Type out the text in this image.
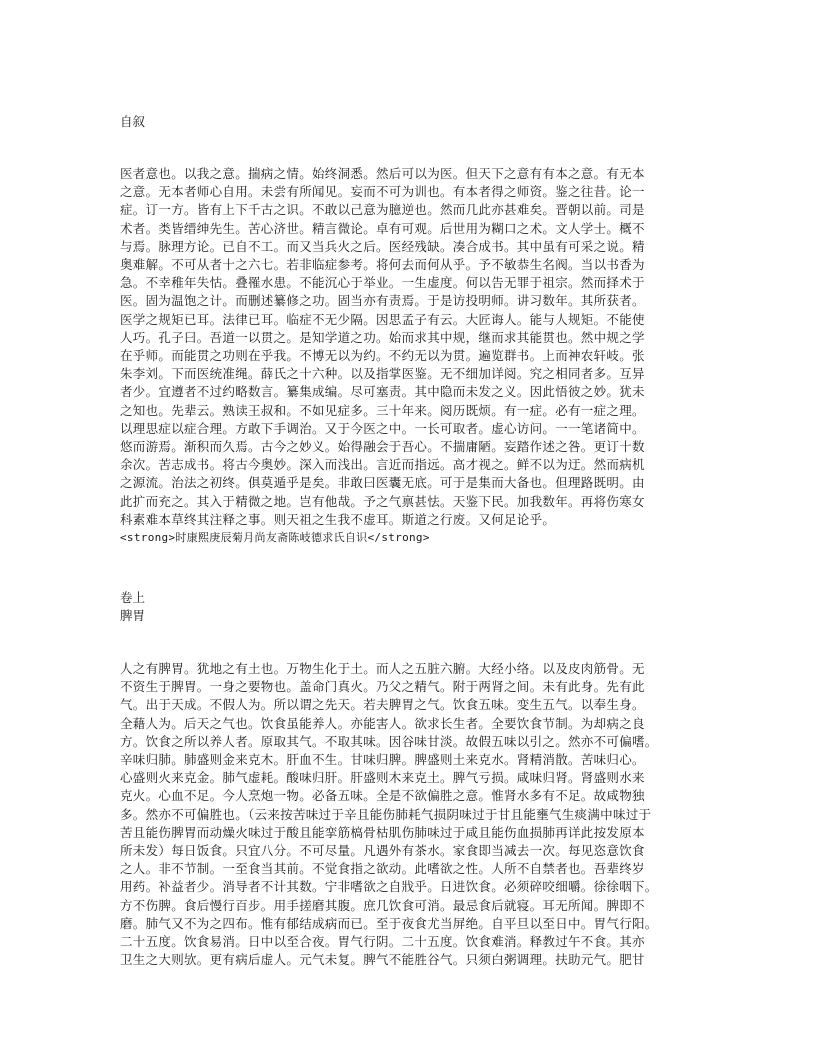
自叙
医者意也。以我之意。揣病之情。始终洞悉。然后可以为医。但天下之意有有本之意。有无本
之意。无本者师心自用。未尝有所闻见。妄而不可为训也。有本者得之师资。鉴之往昔。论一
症。订一方。皆有上下千古之识。不敢以己意为臆逆也。然而几此亦甚难矣。晋朝以前。司是
术者。类皆缙绅先生。苦心济世。精言微论。卓有可观。后世用为糊口之术。文人学士。概不
与焉。脉理方论。已自不工。而又当兵火之后。医经残缺。凑合成书。其中虽有可采之说。精
奥难解。不可从者十之六七。若非临症参考。将何去而何从乎。予不敏恭生名阀。当以书香为
急。不幸稚年失怙。叠罹水患。不能沉心于举业。一生虚度。何以告无罪于祖宗。然而择术于
医。固为温饱之计。而删述纂修之功。固当亦有责焉。于是访投明师。讲习数年。其所获者。
医学之规矩已耳。法律已耳。临症不无少隔。因思孟子有云。大匠诲人。能与人规矩。不能使
人巧。孔子曰。吾道一以贯之。是知学道之功。始而求其中规，继而求其能贯也。然中规之学
在乎师。而能贯之功则在乎我。不博无以为约。不约无以为贯。遍览群书。上而神农轩岐。张
朱李刘。下而医统准绳。薛氏之十六种。以及指掌医鉴。无不细加详阅。究之相同者多。互异
者少。宜遵者不过约略数言。纂集成编。尽可塞责。其中隐而未发之义。因此悟彼之妙。犹未
之知也。先辈云。熟读王叔和。不如见症多。三十年来。阅历既烦。有一症。必有一症之理。
以理思症以症合理。方敢下手调治。又于今医之中。一长可取者。虚心访问。一一笔诸简中。
悠而游焉。渐积而久焉。古今之妙义。始得融会于吾心。不揣庸陋。妄踏作述之咎。更订十数
余次。苦志成书。将古今奥妙。深入而浅出。言近而指远。高才视之。鲜不以为迂。然而病机
之源流。治法之初终。俱莫遁乎是矣。非敢曰医囊无底。可于是集而大备也。但理路既明。由
此扩而充之。其入于精微之地。岂有他哉。予之气禀甚怯。天鉴下民。加我数年。再将伤寒女
科素难本草终其注释之事。则天祖之生我不虚耳。斯道之行废。又何足论乎。
<strong>时康熙庚辰菊月尚友斋陈岐德求氏自识</strong>
卷上
脾胃
人之有脾胃。犹地之有土也。万物生化于土。而人之五脏六腑。大经小络。以及皮肉筋骨。无
不资生于脾胃。一身之要物也。盖命门真火。乃父之精气。附于两肾之间。未有此身。先有此
气。出于天成。不假人为。所以谓之先天。若夫脾胃之气。饮食五味。变生五气。以奉生身。
全藉人为。后天之气也。饮食虽能养人。亦能害人。欲求长生者。全要饮食节制。为却病之良
方。饮食之所以养人者。原取其气。不取其味。因谷味甘淡。故假五味以引之。然亦不可偏嗜。
辛味归肺。肺盛则金来克木。肝血不生。甘味归脾。脾盛则土来克水。肾精消散。苦味归心。
心盛则火来克金。肺气虚耗。酸味归肝。肝盛则木来克土。脾气亏损。咸味归肾。肾盛则水来
克火。心血不足。今人烹炮一物。必备五味。全是不欲偏胜之意。惟肾水多有不足。故咸物独
多。然亦不可偏胜也。（云来按苦味过于辛且能伤肺耗气损阴味过于甘且能壅气生痰满中味过于
苦且能伤脾胃而动燥火味过于酸且能挛筋槁骨枯肌伤肺味过于咸且能伤血损肺再详此按发原本
所未发）每日饭食。只宜八分。不可尽量。凡遇外有茶水。家食即当减去一次。每见恣意饮食
之人。非不节制。一至食当其前。不觉食指之欲动。此嗜欲之性。人所不自禁者也。吾辈终岁
用药。补益者少。消导者不计其数。宁非嗜欲之自戕乎。日进饮食。必须碎咬细嚼。徐徐咽下。
方不伤脾。食后慢行百步。用手搓磨其腹。庶几饮食可消。最忌食后就寝。耳无所闻。脾即不
磨。肺气又不为之四布。惟有郁结成病而已。至于夜食尤当屏绝。自平旦以至日中。胃气行阳。
二十五度。饮食易消。日中以至合夜。胃气行阴。二十五度。饮食难消。释教过午不食。其亦
卫生之大则欤。更有病后虚人。元气未复。脾气不能胜谷气。只须白粥调理。扶助元气。肥甘
